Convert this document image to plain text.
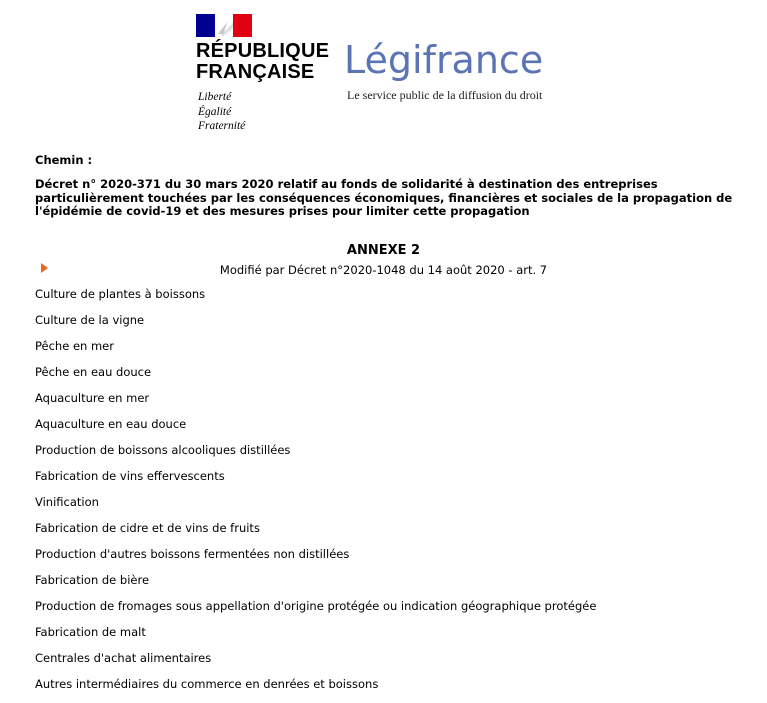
RÉPUBLIQUE
FRANÇAISE
Liberté
Égalité
Fraternité
Légifrance
Le service public de la diffusion du droit
Chemin :
Décret n° 2020-371 du 30 mars 2020 relatif au fonds de solidarité à destination des entreprises particulièrement touchées par les conséquences économiques, financières et sociales de la propagation de l'épidémie de covid-19 et des mesures prises pour limiter cette propagation
ANNEXE 2
Modifié par Décret n°2020-1048 du 14 août 2020 - art. 7
Culture de plantes à boissons
Culture de la vigne
Pêche en mer
Pêche en eau douce
Aquaculture en mer
Aquaculture en eau douce
Production de boissons alcooliques distillées
Fabrication de vins effervescents
Vinification
Fabrication de cidre et de vins de fruits
Production d'autres boissons fermentées non distillées
Fabrication de bière
Production de fromages sous appellation d'origine protégée ou indication géographique protégée
Fabrication de malt
Centrales d'achat alimentaires
Autres intermédiaires du commerce en denrées et boissons
